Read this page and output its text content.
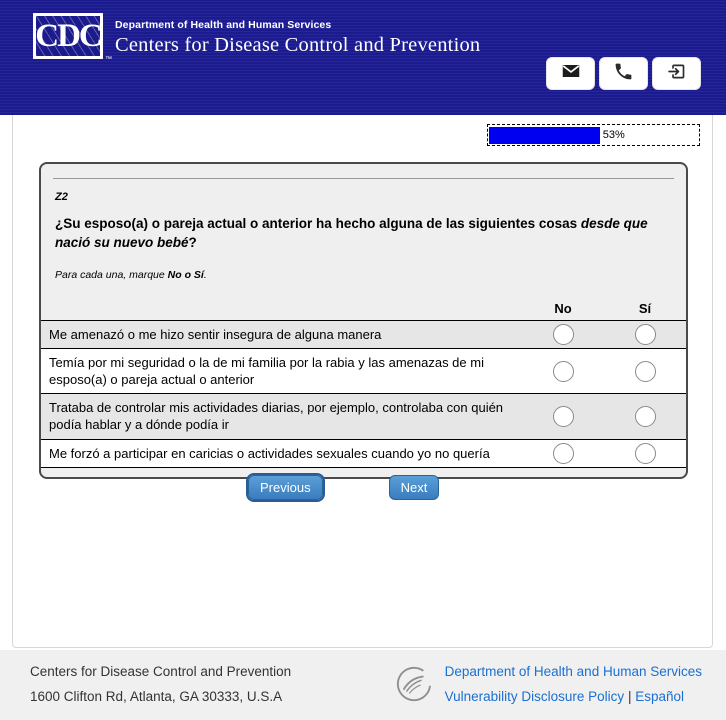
CDC
™
Department of Health and Human Services
Centers for Disease Control and Prevention
53%
Z2
¿Su esposo(a) o pareja actual o anterior ha hecho alguna de las siguientes cosas desde que nació su nuevo bebé?
Para cada una, marque No o Sí.
No	Sí
Me amenazó o me hizo sentir insegura de alguna manera
Temía por mi seguridad o la de mi familia por la rabia y las amenazas de mi esposo(a) o pareja actual o anterior
Trataba de controlar mis actividades diarias, por ejemplo, controlaba con quién podía hablar y a dónde podía ir
Me forzó a participar en caricias o actividades sexuales cuando yo no quería
Previous	Next
Centers for Disease Control and Prevention
1600 Clifton Rd, Atlanta, GA 30333, U.S.A
Department of Health and Human Services
Vulnerability Disclosure Policy | Español
